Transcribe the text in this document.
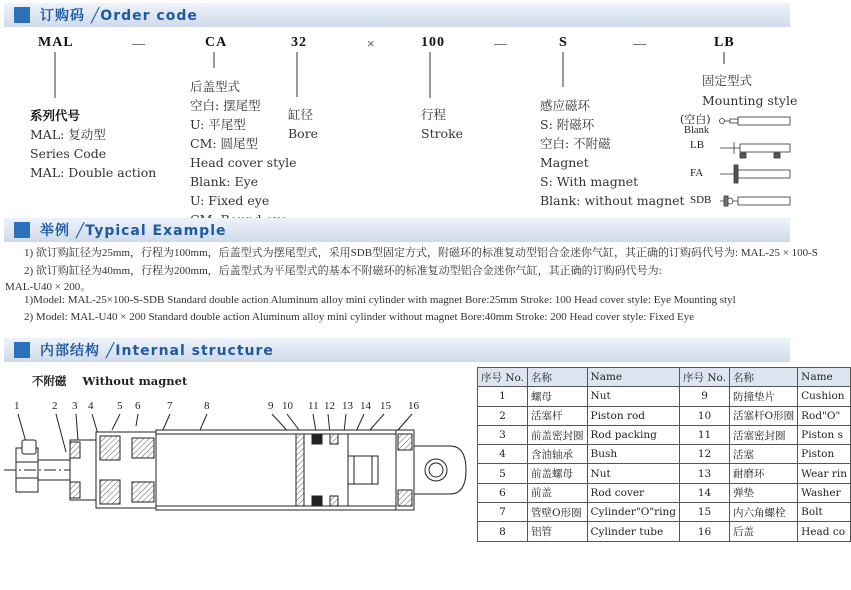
订购码 ╱Order code
MAL	—	CA	32	×	100	—	S	—	LB
系列代号
MAL: 复动型
Series Code
MAL: Double action
后盖型式
空白: 摆尾型
U: 平尾型
CM: 圆尾型
Head cover style
Blank: Eye
U: Fixed eye
缸径
Bore
行程
Stroke
感应磁环
S: 附磁环
空白: 不附磁
Magnet
S: With magnet
Blank: without magnet
固定型式
Mounting style
(空白)
Blank
LB
FA
SDB
举例 ╱Typical Example
1) 欲订购缸径为25mm，行程为100mm，后盖型式为摆尾型式，采用SDB型固定方式，附磁环的标准复动型铝合金迷你气缸，其正确的订购码代号为: MAL-25 × 100-S
2) 欲订购缸径为40mm，行程为200mm，后盖型式为平尾型式的基本不附磁环的标准复动型铝合金迷你气缸，其正确的订购码代号为:
MAL-U40 × 200。
1)Model: MAL-25×100-S-SDB Standard double action Aluminum alloy mini cylinder with magnet Bore:25mm Stroke: 100 Head cover style: Eye Mounting styl
2) Model: MAL-U40 × 200 Standard double action Aluminum alloy mini cylinder without magnet Bore:40mm Stroke: 200 Head cover style: Fixed Eye
内部结构 ╱Internal structure
不附磁    Without magnet
1	2 3 4 5 6 7	8	9 10 11 12 13 14 15 16
序号 No.	名称	Name	序号 No.	名称	Name
1	螺母	Nut	9	防撞垫片	Cushion
2	活塞杆	Piston rod	10	活塞杆O形圈	Rod"O"
3	前盖密封圈	Rod packing	11	活塞密封圈	Piston s
4	含油轴承	Bush	12	活塞	Piston
5	前盖螺母	Nut	13	耐磨环	Wear rin
6	前盖	Rod cover	14	弹垫	Washer
7	管壁O形圈	Cylinder"O"ring	15	内六角螺栓	Bolt
8	铝管	Cylinder tube	16	后盖	Head co
